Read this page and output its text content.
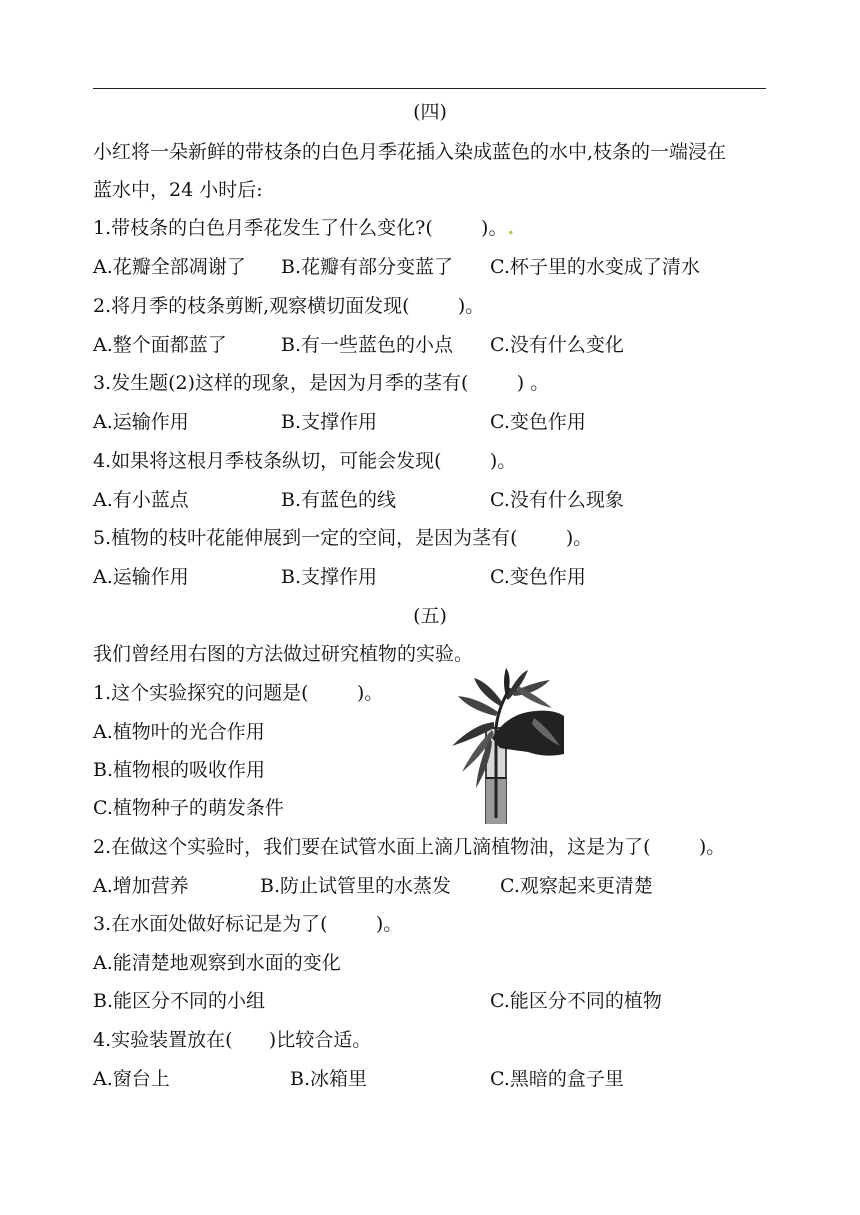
(四)
小红将一朵新鲜的带枝条的白色月季花插入染成蓝色的水中,枝条的一端浸在
蓝水中，24 小时后:
1.带枝条的白色月季花发生了什么变化?(        )。.
A.花瓣全部凋谢了 B.花瓣有部分变蓝了 C.杯子里的水变成了清水
2.将月季的枝条剪断,观察横切面发现(        )。
A.整个面都蓝了	B.有一些蓝色的小点 C.没有什么变化
3.发生题(2)这样的现象，是因为月季的茎有(        ) 。
A.运输作用	B.支撑作用	C.变色作用
4.如果将这根月季枝条纵切，可能会发现(        )。
A.有小蓝点	B.有蓝色的线	C.没有什么现象
5.植物的枝叶花能伸展到一定的空间，是因为茎有(        )。
A.运输作用	B.支撑作用	C.变色作用
(五)
我们曾经用右图的方法做过研究植物的实验。
1.这个实验探究的问题是(        )。
A.植物叶的光合作用
B.植物根的吸收作用
C.植物种子的萌发条件
2.在做这个实验时，我们要在试管水面上滴几滴植物油，这是为了(        )。
A.增加营养	B.防止试管里的水蒸发	C.观察起来更清楚
3.在水面处做好标记是为了(        )。
A.能清楚地观察到水面的变化
B.能区分不同的小组	C.能区分不同的植物
4.实验装置放在(      )比较合适。
A.窗台上	B.冰箱里	C.黑暗的盒子里
